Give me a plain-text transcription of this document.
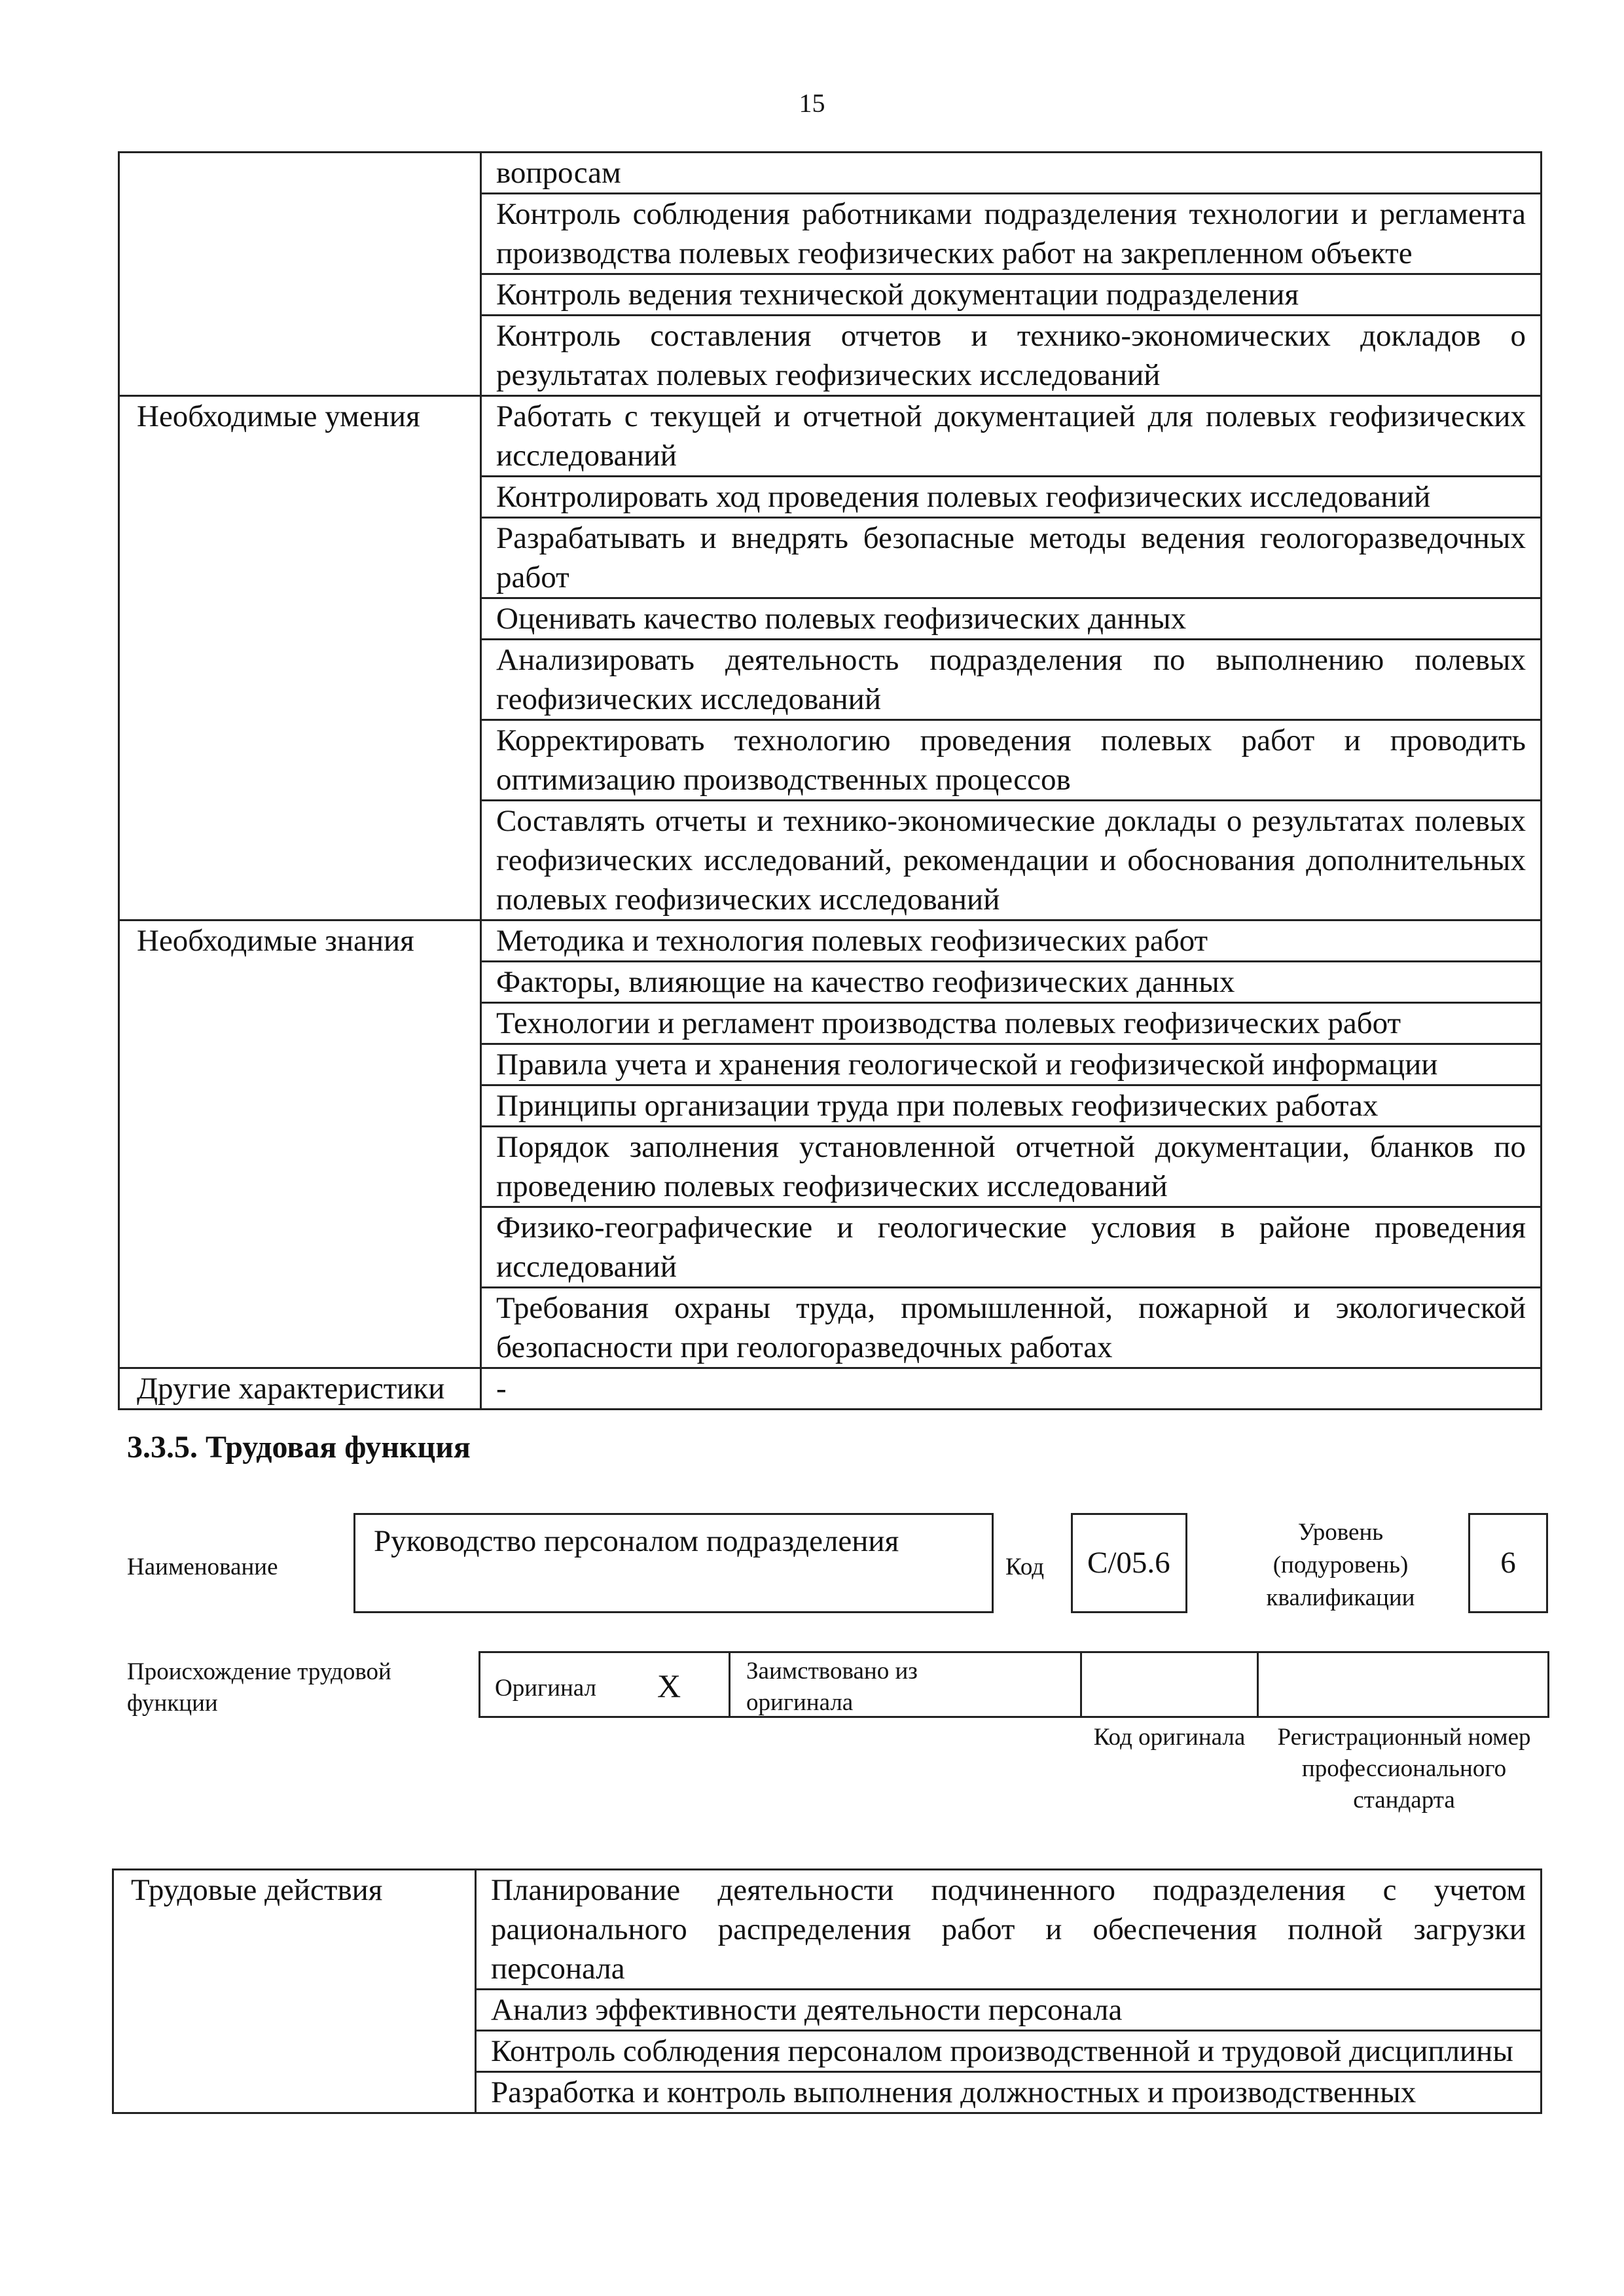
15
	вопросам
	Контроль соблюдения работниками подразделения технологии и регламента производства полевых геофизических работ на закрепленном объекте
	Контроль ведения технической документации подразделения
	Контроль составления отчетов и технико-экономических докладов о результатах полевых геофизических исследований
Необходимые умения	Работать с текущей и отчетной документацией для полевых геофизических исследований
	Контролировать ход проведения полевых геофизических исследований
	Разрабатывать и внедрять безопасные методы ведения геологоразведочных работ
	Оценивать качество полевых геофизических данных
	Анализировать деятельность подразделения по выполнению полевых геофизических исследований
	Корректировать технологию проведения полевых работ и проводить оптимизацию производственных процессов
	Составлять отчеты и технико-экономические доклады о результатах полевых геофизических исследований, рекомендации и обоснования дополнительных полевых геофизических исследований
Необходимые знания	Методика и технология полевых геофизических работ
	Факторы, влияющие на качество геофизических данных
	Технологии и регламент производства полевых геофизических работ
	Правила учета и хранения геологической и геофизической информации
	Принципы организации труда при полевых геофизических работах
	Порядок заполнения установленной отчетной документации, бланков по проведению полевых геофизических исследований
	Физико-географические и геологические условия в районе проведения исследований
	Требования охраны труда, промышленной, пожарной и экологической безопасности при геологоразведочных работах
Другие характеристики	-
3.3.5. Трудовая функция
Наименование
Руководство персоналом подразделения
Код	C/05.6
Уровень
(подуровень)
квалификации
6
Происхождение трудовой функции
Оригинал X	Заимствовано из оригинала
Код оригинала	Регистрационный номер профессионального стандарта
Трудовые действия	Планирование деятельности подчиненного подразделения с учетом рационального распределения работ и обеспечения полной загрузки персонала
Анализ эффективности деятельности персонала
Контроль соблюдения персоналом производственной и трудовой дисциплины
Разработка и контроль выполнения должностных и производственных
